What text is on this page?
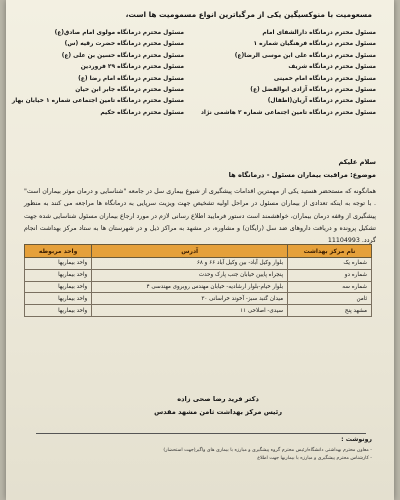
مسعومیت با منوکسیگین یکی از مرگباترین انواع مسمومیت ها است،
مسئول محترم درمانگاه دارالشفای امام
مسئول محترم درمانگاه فرهنگیان شماره ۱
مسئول محترم درمانگاه علی ابن موسی الرضا(ع)
مسئول محترم درمانگاه شریف
مسئول محترم درمانگاه امام خمینی
مسئول محترم درمانگاه آزادی ابوالفضل (ع)
مسئول محترم درمانگاه آریان(اطفال)
مسئول محترم درمانگاه تامین اجتماعی شماره ۲ هاشمی نژاد
مسئول محترم درمانگاه مولوی امام صادق(ع)
مسئول محترم درمانگاه حضرت رقیه (س)
مسئول محترم درمانگاه حسین بن علی (ع)
مسئول محترم درمانگاه ۲۹ فروردین
مسئول محترم درمانگاه امام رضا (ع)
مسئول محترم درمانگاه جابر ابن حیان
مسئول محترم درمانگاه تامین اجتماعی شماره ۱ خیابان بهار
مسئول محترم درمانگاه حکیم
سلام علیکم
موضوع: مراقبت بیماران مسئول - درمانگاه ها
همانگونه که مستحضر هستید یکی از مهمترین اقدامات پیشگیری از شیوع بیماری سل در جامعه "شناسایی و درمان موثر بیماران است" . با توجه به اینکه تعدادی از بیماران مسئول در مراحل اولیه تشخیص جهت ویزیت سرپایی به درمانگاه ها مراجعه می کنند به منظور پیشگیری از وقفه درمان بیماران، خواهشمند است دستور فرمایید اطلاع رسانی لازم در مورد ارجاع بیماران مسئول شناسایی شده جهت تشکیل پرونده و دریافت داروهای ضد سل (رایگان) و مشاوره، در مشهد به مراکز ذیل و در شهرستان ها به ستاد مرکز بهداشت انجام گردد. 11104993
نام مرکز بهداشت	آدرس	واحد مربوطه
شماره یک	بلوار وکیل آباد- بین وکیل آباد ۶۶ و ۶۸	واحد بیماریها
شماره دو	پنجراه پایین خیابان جنب پارک وحدت	واحد بیماریها
شماره سه	بلوار خیام-بلوار ارشادیه- خیابان مهندس روبروی مهندسی ۴	واحد بیماریها
ثامن	میدان گنبد سبز- آخوند خراسانی ۳۰	واحد بیماریها
مشهد پنج	سیدی- اصلاحی ۱۱	واحد بیماریها
دکتر فرید رضا صحی زاده
رئیس مرکز بهداشت ثامن مشهد مقدس
رونوشت :
- معاون محترم بهداشتی دانشگاه/رئیس محترم گروه پیشگیری و مبارزه با بیماری های واگیر(جهت استحضار)
- کارشناس محترم پیشگیری و مبارزه با بیماریها جهت اطلاع
